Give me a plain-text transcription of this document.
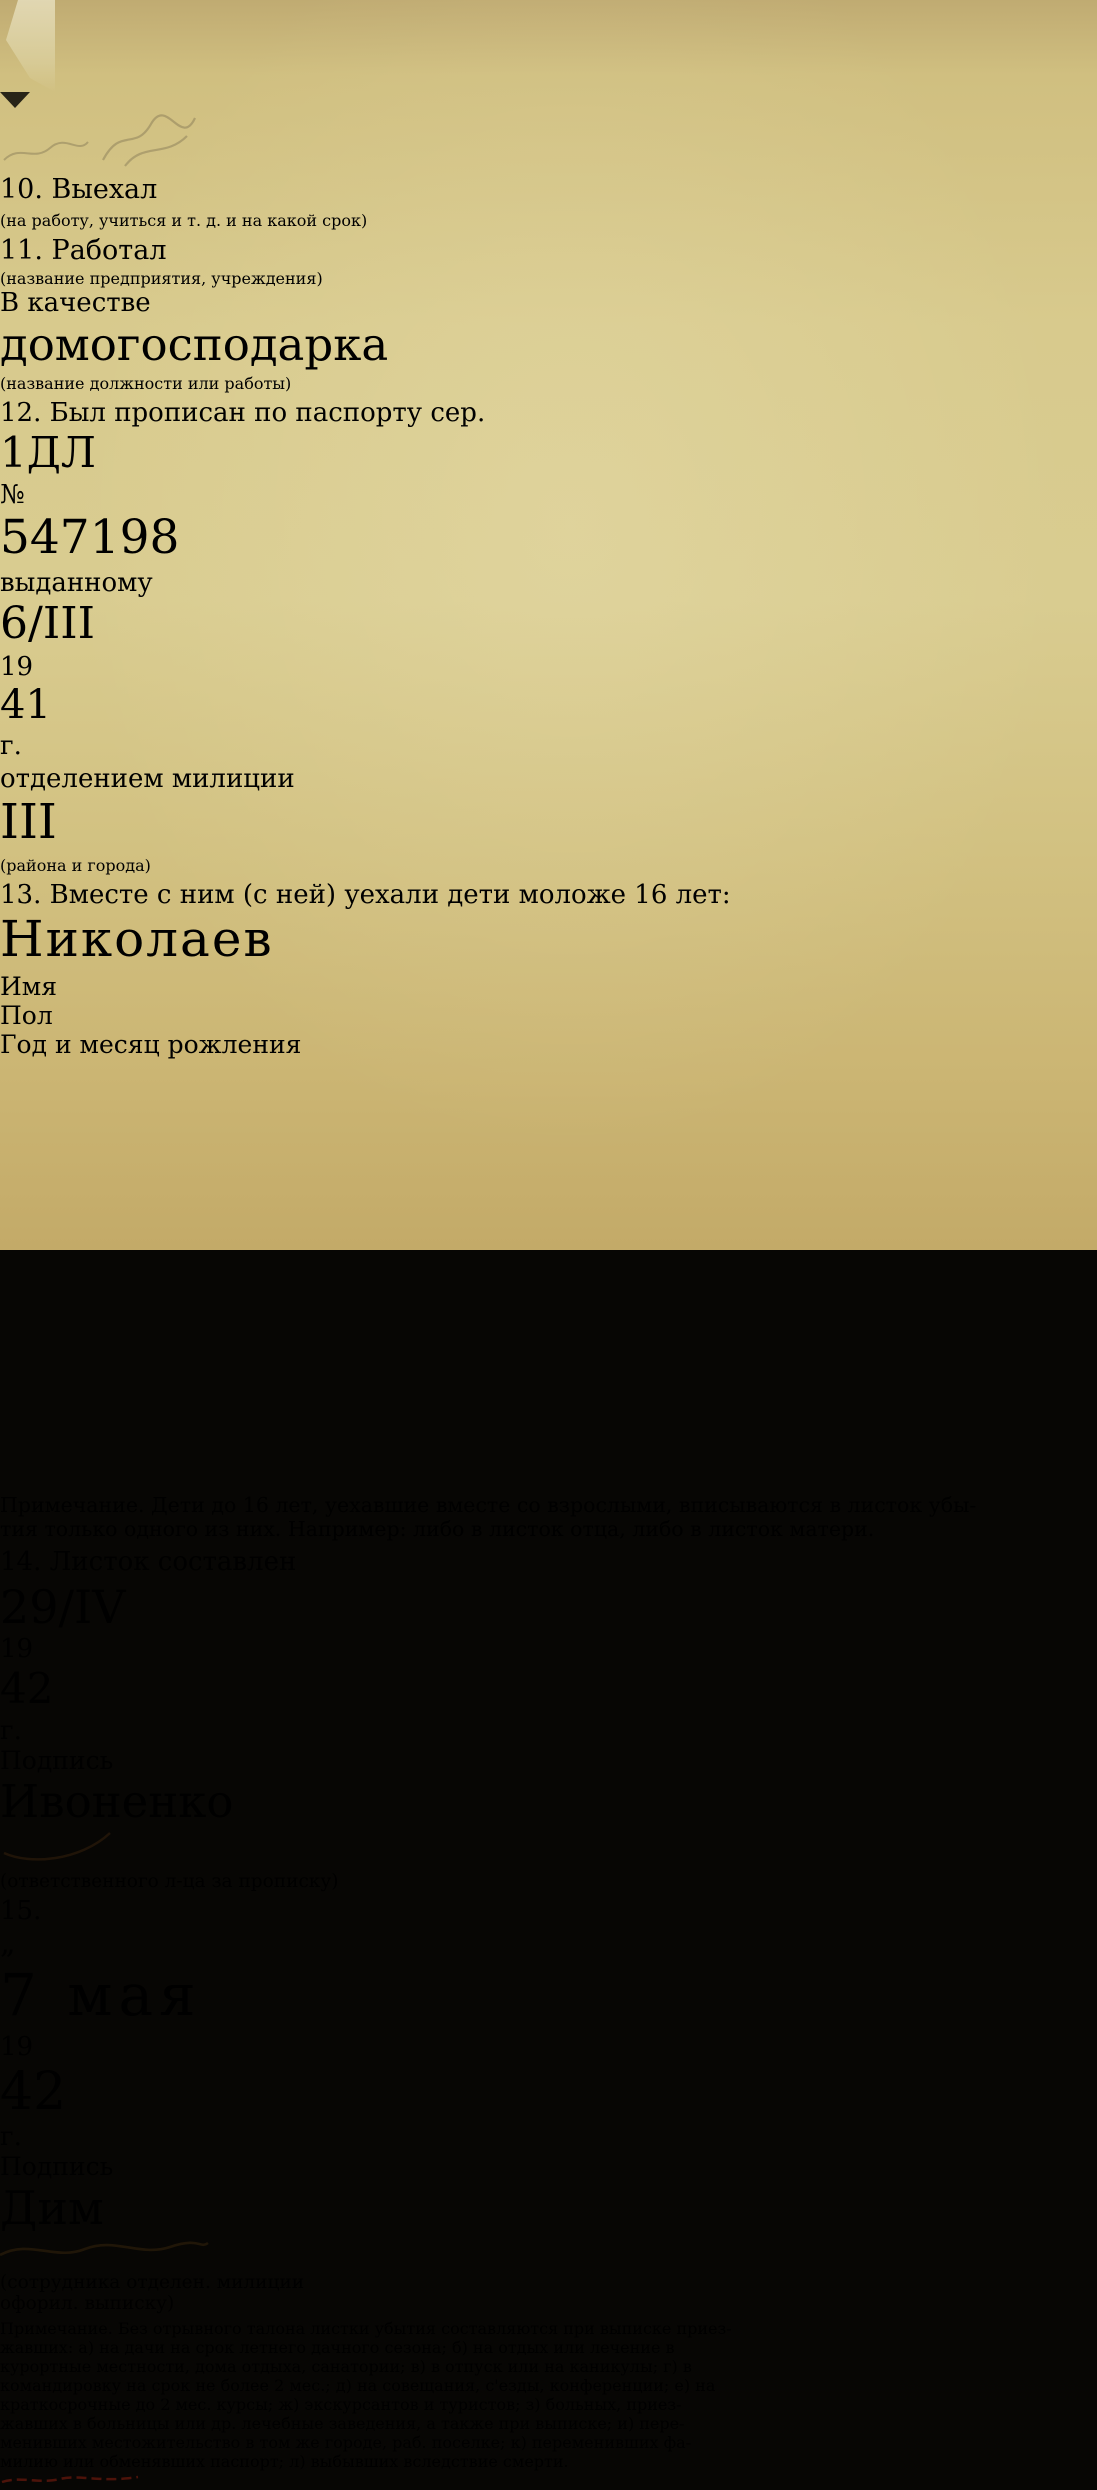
10. Выехал
(на работу, учиться и т. д. и на какой срок)
11. Работал
(название предприятия, учреждения)
В качестве
домогосподарка
(название должности или работы)
12. Был прописан по паспорту сер.
1ДЛ
№
547198
выданному
6/III
19
41
г.
отделением милиции
III
(района и города)
13. Вместе с ним (с ней) уехали дети моложе 16 лет:
Николаев
Имя
Пол
Год и месяц рожления
Примечание. Дети до 16 лет, уехавшие вместе со взрослыми, вписываются в листок убы-
тия только одного из них. Например: либо в листок отца, либо в листок матери.
14. Листок составлен
29/IV
19
42
г.
Подпись
Ивоненко
(ответственного л-ца за прописку)
15.
„
7 мая
19
42
г.
Подпись
Дим
(сотрудника отделен. милиции
офорил. выписку)
Примечание. Без отрывного талона листки убытия составляются при выписке приез-
жавших: а) на дачи на срок летнего дачного сезона; б) на отдых или лечение в
курортные местности, дома отдыха, санатории; в) в отпуск или на каникулы; г) в
командировку на срок не более 2 мес.; д) на совещания, с'езды, конференции; е) на
краткосрочные до 2 мес. курсы; ж) экскурсантов и туристов; з) больных, приез-
жавших в больницы или др. лечебные заведения, а также при выписке; и) пере-
менивших местожительство в том же городе, раб. поселке; к) переменивших фа-
милию или обменявших паспорт; л) выбывших вследствие смерти.
